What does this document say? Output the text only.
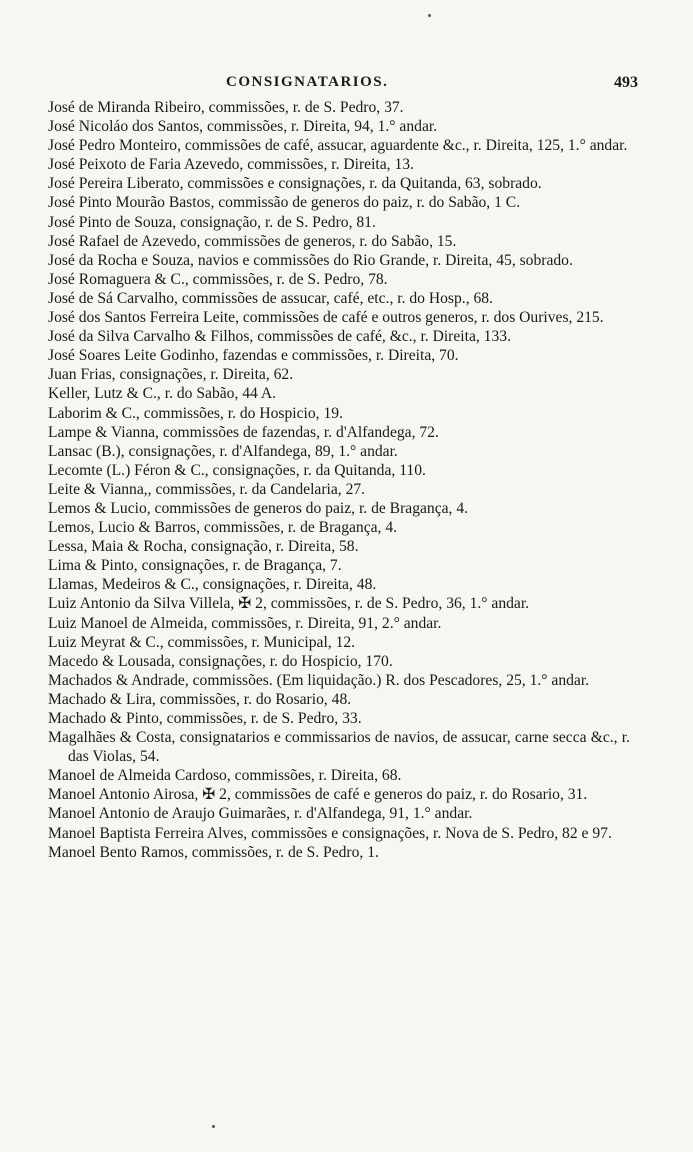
CONSIGNATARIOS.	493

José de Miranda Ribeiro, commissões, r. de S. Pedro, 37.

José Nicoláo dos Santos, commissões, r. Direita, 94, 1.° andar.

José Pedro Monteiro, commissões de café, assucar, aguardente &c., r. Direita, 125, 1.° andar.

José Peixoto de Faria Azevedo, commissões, r. Direita, 13.

José Pereira Liberato, commissões e consignações, r. da Quitanda, 63, sobrado.

José Pinto Mourão Bastos, commissão de generos do paiz, r. do Sabão, 1 C.

José Pinto de Souza, consignação, r. de S. Pedro, 81.

José Rafael de Azevedo, commissões de generos, r. do Sabão, 15.

José da Rocha e Souza, navios e commissões do Rio Grande, r. Direita, 45, sobrado.

José Romaguera & C., commissões, r. de S. Pedro, 78.

José de Sá Carvalho, commissões de assucar, café, etc., r. do Hosp., 68.

José dos Santos Ferreira Leite, commissões de café e outros generos, r. dos Ourives, 215.

José da Silva Carvalho & Filhos, commissões de café, &c., r. Direita, 133.

José Soares Leite Godinho, fazendas e commissões, r. Direita, 70.

Juan Frias, consignações, r. Direita, 62.

Keller, Lutz & C., r. do Sabão, 44 A.

Laborim & C., commissões, r. do Hospicio, 19.

Lampe & Vianna, commissões de fazendas, r. d'Alfandega, 72.

Lansac (B.), consignações, r. d'Alfandega, 89, 1.° andar.

Lecomte (L.) Féron & C., consignações, r. da Quitanda, 110.

Leite & Vianna,, commissões, r. da Candelaria, 27.

Lemos & Lucio, commissões de generos do paiz, r. de Bragança, 4.

Lemos, Lucio & Barros, commissões, r. de Bragança, 4.

Lessa, Maia & Rocha, consignação, r. Direita, 58.

Lima & Pinto, consignações, r. de Bragança, 7.

Llamas, Medeiros & C., consignações, r. Direita, 48.

Luiz Antonio da Silva Villela, ✠ 2, commissões, r. de S. Pedro, 36, 1.° andar.

Luiz Manoel de Almeida, commissões, r. Direita, 91, 2.° andar.

Luiz Meyrat & C., commissões, r. Municipal, 12.

Macedo & Lousada, consignações, r. do Hospicio, 170.

Machados & Andrade, commissões. (Em liquidação.) R. dos Pescadores, 25, 1.° andar.

Machado & Lira, commissões, r. do Rosario, 48.

Machado & Pinto, commissões, r. de S. Pedro, 33.

Magalhães & Costa, consignatarios e commissarios de navios, de assucar, carne secca &c., r. das Violas, 54.

Manoel de Almeida Cardoso, commissões, r. Direita, 68.

Manoel Antonio Airosa, ✠ 2, commissões de café e generos do paiz, r. do Rosario, 31.

Manoel Antonio de Araujo Guimarães, r. d'Alfandega, 91, 1.° andar.

Manoel Baptista Ferreira Alves, commissões e consignações, r. Nova de S. Pedro, 82 e 97.

Manoel Bento Ramos, commissões, r. de S. Pedro, 1.
